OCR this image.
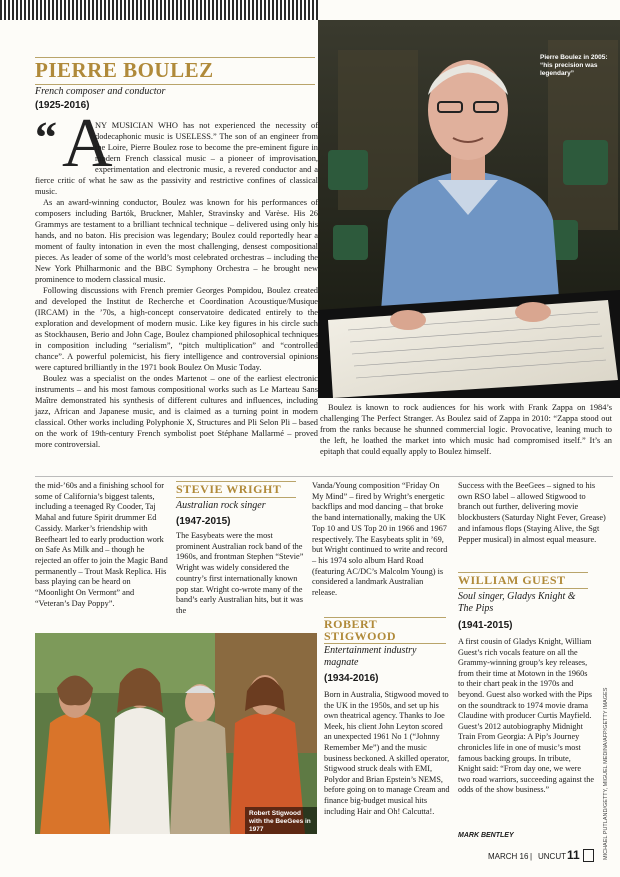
PIERRE BOULEZ
French composer and conductor
(1925-2016)
“ A

NY MUSICIAN WHO has not experienced the necessity of dodecaphonic music is USELESS.” The son of an engineer from the Loire, Pierre Boulez rose to become the pre-eminent figure in modern French classical music – a pioneer of improvisation, experimentation and electronic music, a revered conductor and a fierce critic of what he saw as the passivity and restrictive confines of classical music.

As an award-winning conductor, Boulez was known for his performances of composers including Bartók, Bruckner, Mahler, Stravinsky and Varèse. His 26 Grammys are testament to a brilliant technical technique – delivered using only his hands, and no baton. His precision was legendary; Boulez could reportedly hear a moment of faulty intonation in even the most challenging, densest compositional pieces. As leader of some of the world’s most celebrated orchestras – including the New York Philharmonic and the BBC Symphony Orchestra – he brought new prominence to modern classical music.

Following discussions with French premier Georges Pompidou, Boulez created and developed the Institut de Recherche et Coordination Acoustique/Musique (IRCAM) in the ’70s, a high-concept conservatoire dedicated entirely to the exploration and development of modern music. Like key figures in his circle such as Stockhausen, Berio and John Cage, Boulez championed philosophical techniques in composition including “serialism”, “pitch multiplication” and “controlled chance”. A powerful polemicist, his fiery intelligence and controversial opinions were captured brilliantly in the 1971 book Boulez On Music Today.

Boulez was a specialist on the ondes Martenot – one of the earliest electronic instruments – and his most famous compositional works such as Le Marteau Sans Maître demonstrated his synthesis of different cultures and influences, including jazz, African and Japanese music, and is claimed as a turning point in modern classical. Other works including Polyphonie X, Structures and Pli Selon Pli – based on the work of 19th-century French symbolist poet Stéphane Mallarmé – proved more controversial.

Pierre Boulez in 2005: “his precision was legendary”
Boulez is known to rock audiences for his work with Frank Zappa on 1984’s challenging The Perfect Stranger. As Boulez said of Zappa in 2010: “Zappa stood out from the ranks because he shunned commercial logic. Provocative, leaning much to the left, he loathed the market into which music had compromised itself.” It’s an epitaph that could equally apply to Boulez himself.
the mid-’60s and a finishing school for some of California’s biggest talents, including a teenaged Ry Cooder, Taj Mahal and future Spirit drummer Ed Cassidy. Marker’s friendship with Beefheart led to early production work on Safe As Milk and – though he rejected an offer to join the Magic Band permanently – Trout Mask Replica. His bass playing can be heard on “Moonlight On Vermont” and “Veteran’s Day Poppy”.
STEVIE WRIGHT
Australian rock singer
(1947-2015)
The Easybeats were the most prominent Australian rock band of the 1960s, and frontman Stephen “Stevie” Wright was widely considered the country’s first internationally known pop star. Wright co-wrote many of the band’s early Australian hits, but it was the
Vanda/Young composition “Friday On My Mind” – fired by Wright’s energetic backflips and mod dancing – that broke the band internationally, making the UK Top 10 and US Top 20 in 1966 and 1967 respectively. The Easybeats split in ’69, but Wright continued to write and record – his 1974 solo album Hard Road (featuring AC/DC’s Malcolm Young) is considered a landmark Australian release.
Success with the BeeGees – signed to his own RSO label – allowed Stigwood to branch out further, delivering movie blockbusters (Saturday Night Fever, Grease) and infamous flops (Staying Alive, the Sgt Pepper musical) in almost equal measure.
Robert Stigwood with the BeeGees in 1977
ROBERT
STIGWOOD
Entertainment industry magnate
(1934-2016)
Born in Australia, Stigwood moved to the UK in the 1950s, and set up his own theatrical agency. Thanks to Joe Meek, his client John Leyton scored an unexpected 1961 No 1 (“Johnny Remember Me”) and the music business beckoned. A skilled operator, Stigwood struck deals with EMI, Polydor and Brian Epstein’s NEMS, before going on to manage Cream and finance big-budget musical hits including Hair and Oh! Calcutta!.
WILLIAM GUEST
Soul singer, Gladys Knight & The Pips
(1941-2015)
A first cousin of Gladys Knight, William Guest’s rich vocals feature on all the Grammy-winning group’s key releases, from their time at Motown in the 1960s to their chart peak in the 1970s and beyond. Guest also worked with the Pips on the soundtrack to 1974 movie drama Claudine with producer Curtis Mayfield. Guest’s 2012 autobiography Midnight Train From Georgia: A Pip’s Journey chronicles life in one of music’s most famous backing groups. In tribute, Knight said: “From day one, we were two road warriors, succeeding against the odds of the show business.”
MARK BENTLEY	MICHAEL PUTLAND/GETTY, MIGUEL MEDINA/AFP/GETTY IMAGES
MARCH 16 | UNCUT 11
